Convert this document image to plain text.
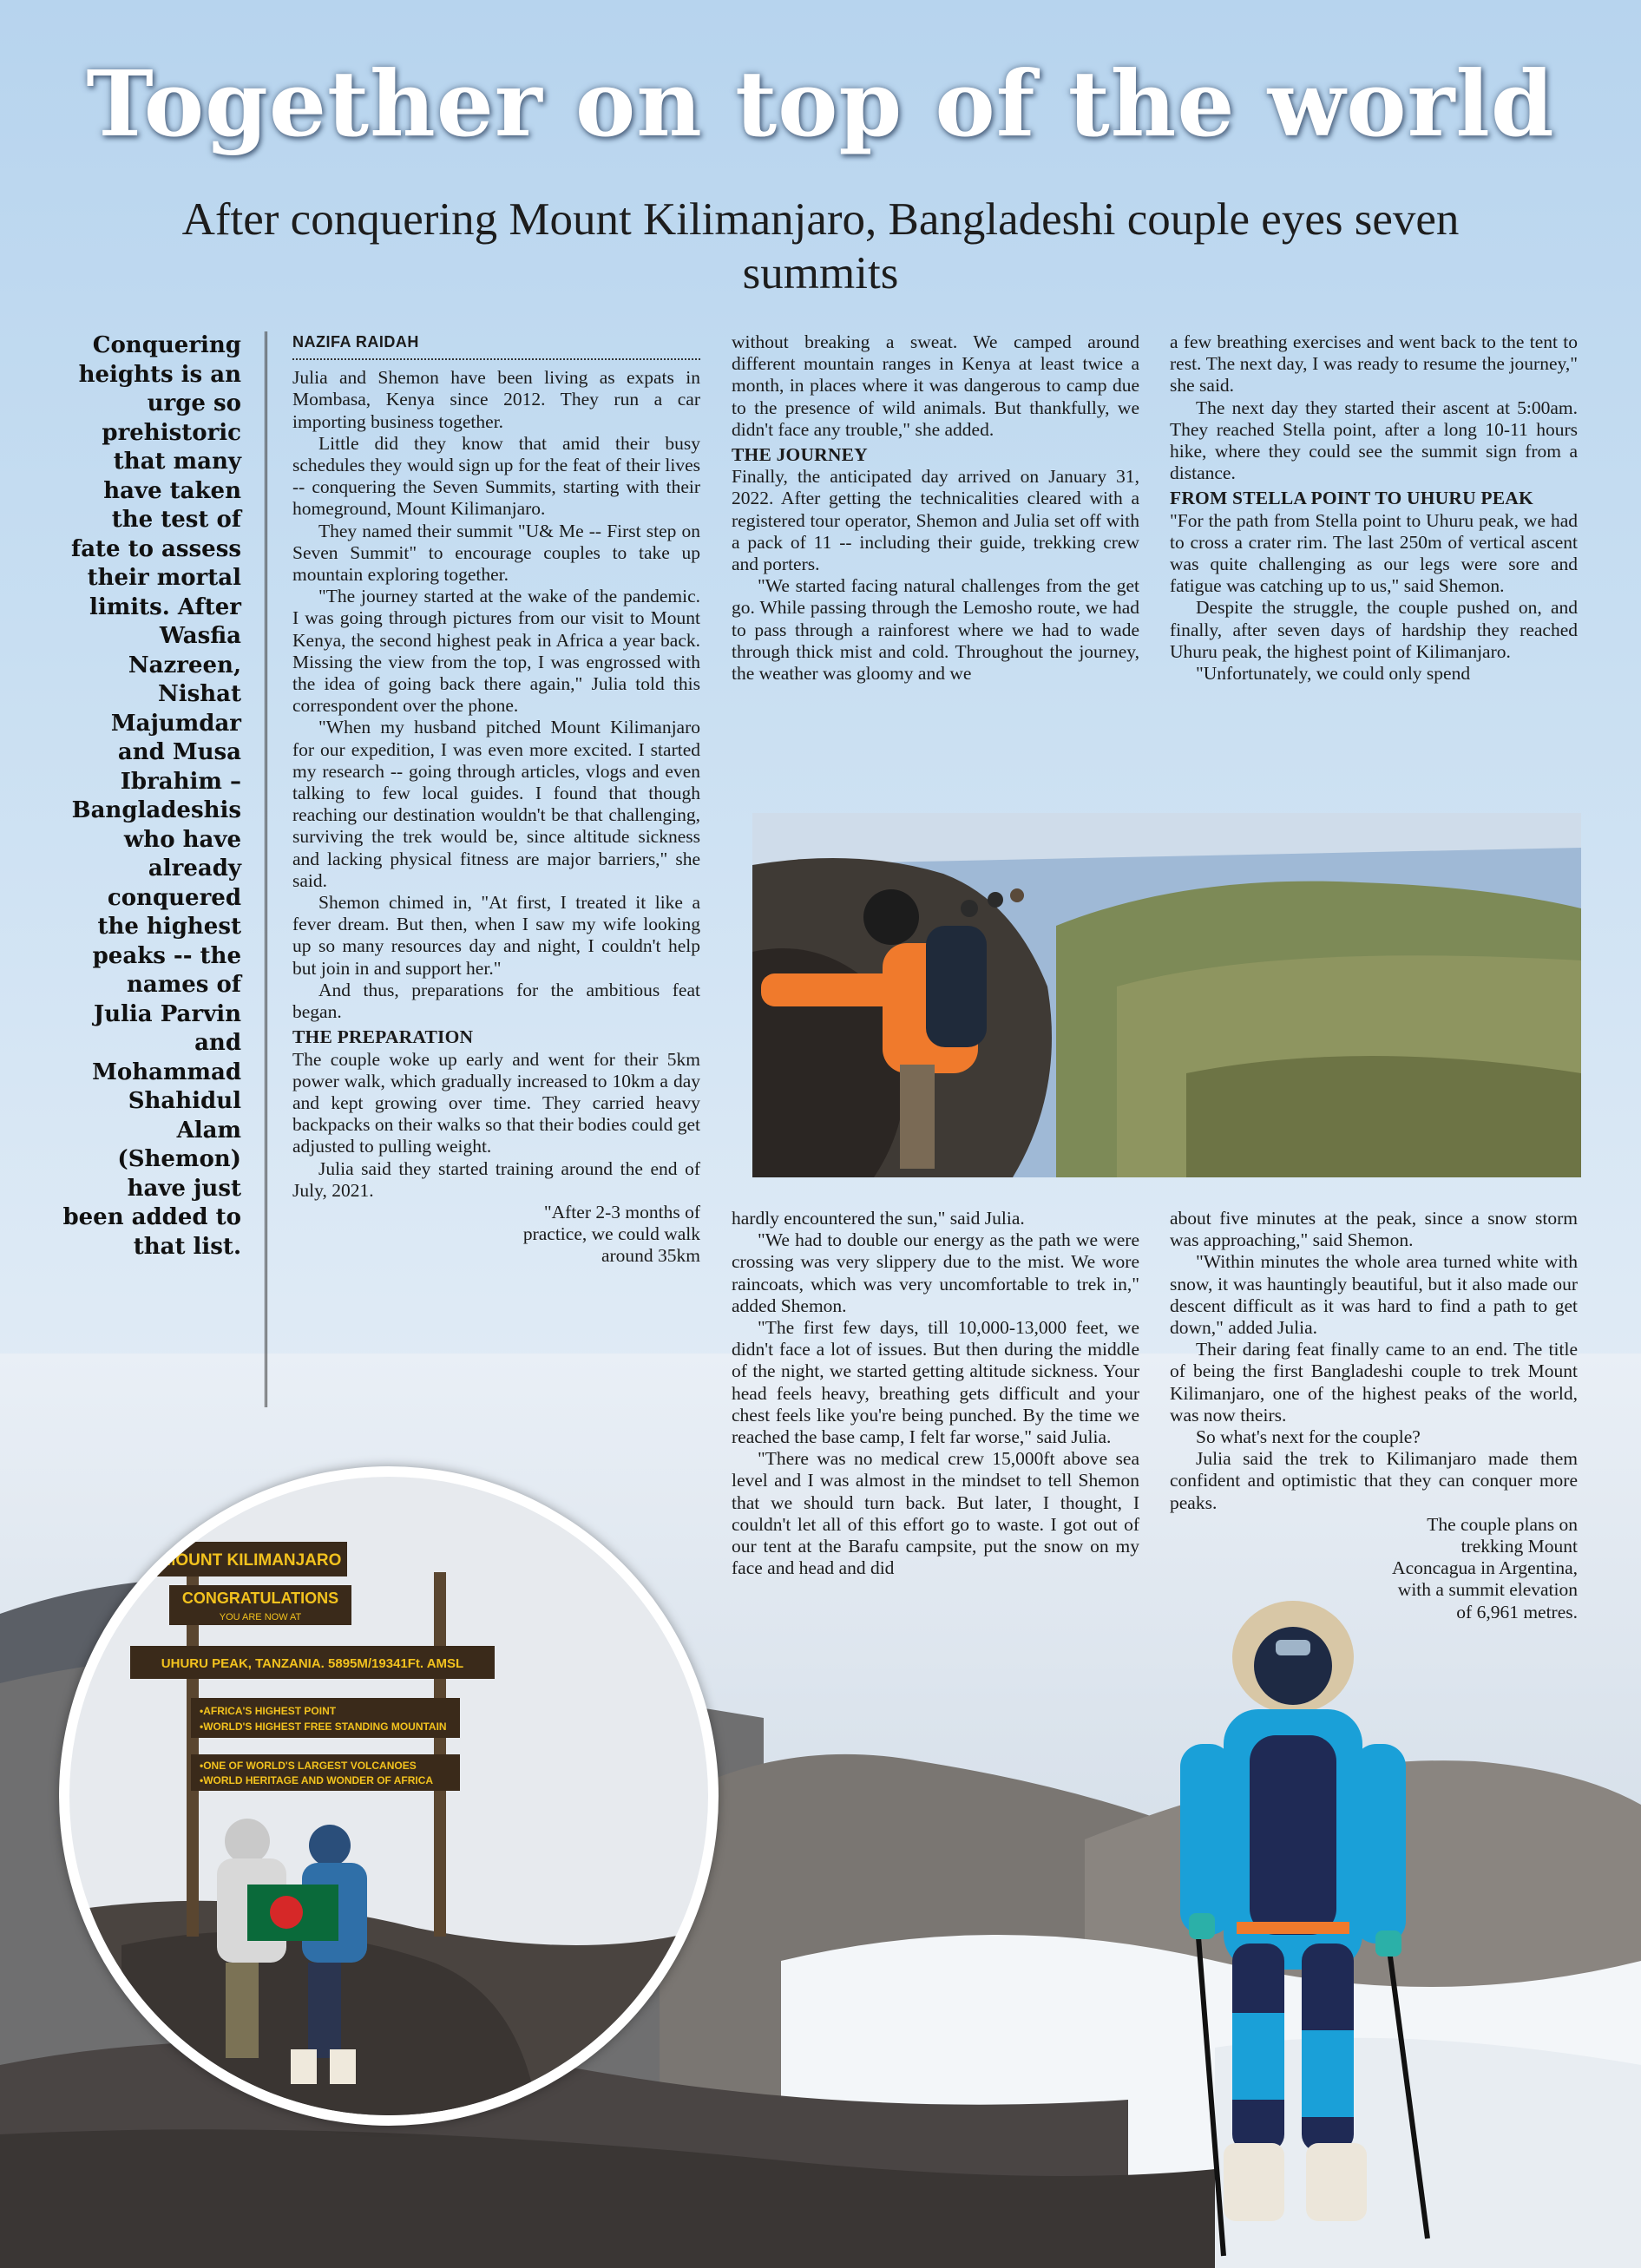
Together on top of the world
After conquering Mount Kilimanjaro, Bangladeshi couple eyes seven summits
Conquering heights is an urge so prehistoric that many have taken the test of fate to assess their mortal limits. After Wasfia Nazreen, Nishat Majumdar and Musa Ibrahim – Bangladeshis who have already conquered the highest peaks -- the names of Julia Parvin and Mohammad Shahidul Alam (Shemon) have just been added to that list.
NAZIFA RAIDAH

Julia and Shemon have been living as expats in Mombasa, Kenya since 2012. They run a car importing business together.

Little did they know that amid their busy schedules they would sign up for the feat of their lives -- conquering the Seven Summits, starting with their homeground, Mount Kilimanjaro.

They named their summit "U& Me -- First step on Seven Summit" to encourage couples to take up mountain exploring together.

"The journey started at the wake of the pandemic. I was going through pictures from our visit to Mount Kenya, the second highest peak in Africa a year back. Missing the view from the top, I was engrossed with the idea of going back there again," Julia told this correspondent over the phone.

"When my husband pitched Mount Kilimanjaro for our expedition, I was even more excited. I started my research -- going through articles, vlogs and even talking to few local guides. I found that though reaching our destination wouldn't be that challenging, surviving the trek would be, since altitude sickness and lacking physical fitness are major barriers," she said.

Shemon chimed in, "At first, I treated it like a fever dream. But then, when I saw my wife looking up so many resources day and night, I couldn't help but join in and support her."

And thus, preparations for the ambitious feat began.

THE PREPARATION

The couple woke up early and went for their 5km power walk, which gradually increased to 10km a day and kept growing over time. They carried heavy backpacks on their walks so that their bodies could get adjusted to pulling weight.

Julia said they started training around the end of July, 2021.

"After 2-3 months of practice, we could walk around 35km

without breaking a sweat. We camped around different mountain ranges in Kenya at least twice a month, in places where it was dangerous to camp due to the presence of wild animals. But thankfully, we didn't face any trouble," she added.

THE JOURNEY

Finally, the anticipated day arrived on January 31, 2022. After getting the technicalities cleared with a registered tour operator, Shemon and Julia set off with a pack of 11 -- including their guide, trekking crew and porters.

"We started facing natural challenges from the get go. While passing through the Lemosho route, we had to pass through a rainforest where we had to wade through thick mist and cold. Throughout the journey, the weather was gloomy and we

a few breathing exercises and went back to the tent to rest. The next day, I was ready to resume the journey," she said.

The next day they started their ascent at 5:00am. They reached Stella point, after a long 10-11 hours hike, where they could see the summit sign from a distance.

FROM STELLA POINT TO UHURU PEAK

"For the path from Stella point to Uhuru peak, we had to cross a crater rim. The last 250m of vertical ascent was quite challenging as our legs were sore and fatigue was catching up to us," said Shemon.

Despite the struggle, the couple pushed on, and finally, after seven days of hardship they reached Uhuru peak, the highest point of Kilimanjaro.

"Unfortunately, we could only spend

hardly encountered the sun," said Julia.

"We had to double our energy as the path we were crossing was very slippery due to the mist. We wore raincoats, which was very uncomfortable to trek in," added Shemon.

"The first few days, till 10,000-13,000 feet, we didn't face a lot of issues. But then during the middle of the night, we started getting altitude sickness. Your head feels heavy, breathing gets difficult and your chest feels like you're being punched. By the time we reached the base camp, I felt far worse," said Julia.

"There was no medical crew 15,000ft above sea level and I was almost in the mindset to tell Shemon that we should turn back. But later, I thought, I couldn't let all of this effort go to waste. I got out of our tent at the Barafu campsite, put the snow on my face and head and did

about five minutes at the peak, since a snow storm was approaching," said Shemon.

"Within minutes the whole area turned white with snow, it was hauntingly beautiful, but it also made our descent difficult as it was hard to find a path to get down," added Julia.

Their daring feat finally came to an end. The title of being the first Bangladeshi couple to trek Mount Kilimanjaro, one of the highest peaks of the world, was now theirs.

So what's next for the couple?

Julia said the trek to Kilimanjaro made them confident and optimistic that they can conquer more peaks.

The couple plans on trekking Mount Aconcagua in Argentina, with a summit elevation of 6,961 metres.

MOUNT KILIMANJARO
CONGRATULATIONS
YOU ARE NOW AT
UHURU PEAK, TANZANIA. 5895M/19341Ft. AMSL
•AFRICA'S HIGHEST POINT
•WORLD'S HIGHEST FREE STANDING MOUNTAIN
•ONE OF WORLD'S LARGEST VOLCANOES
•WORLD HERITAGE AND WONDER OF AFRICA
